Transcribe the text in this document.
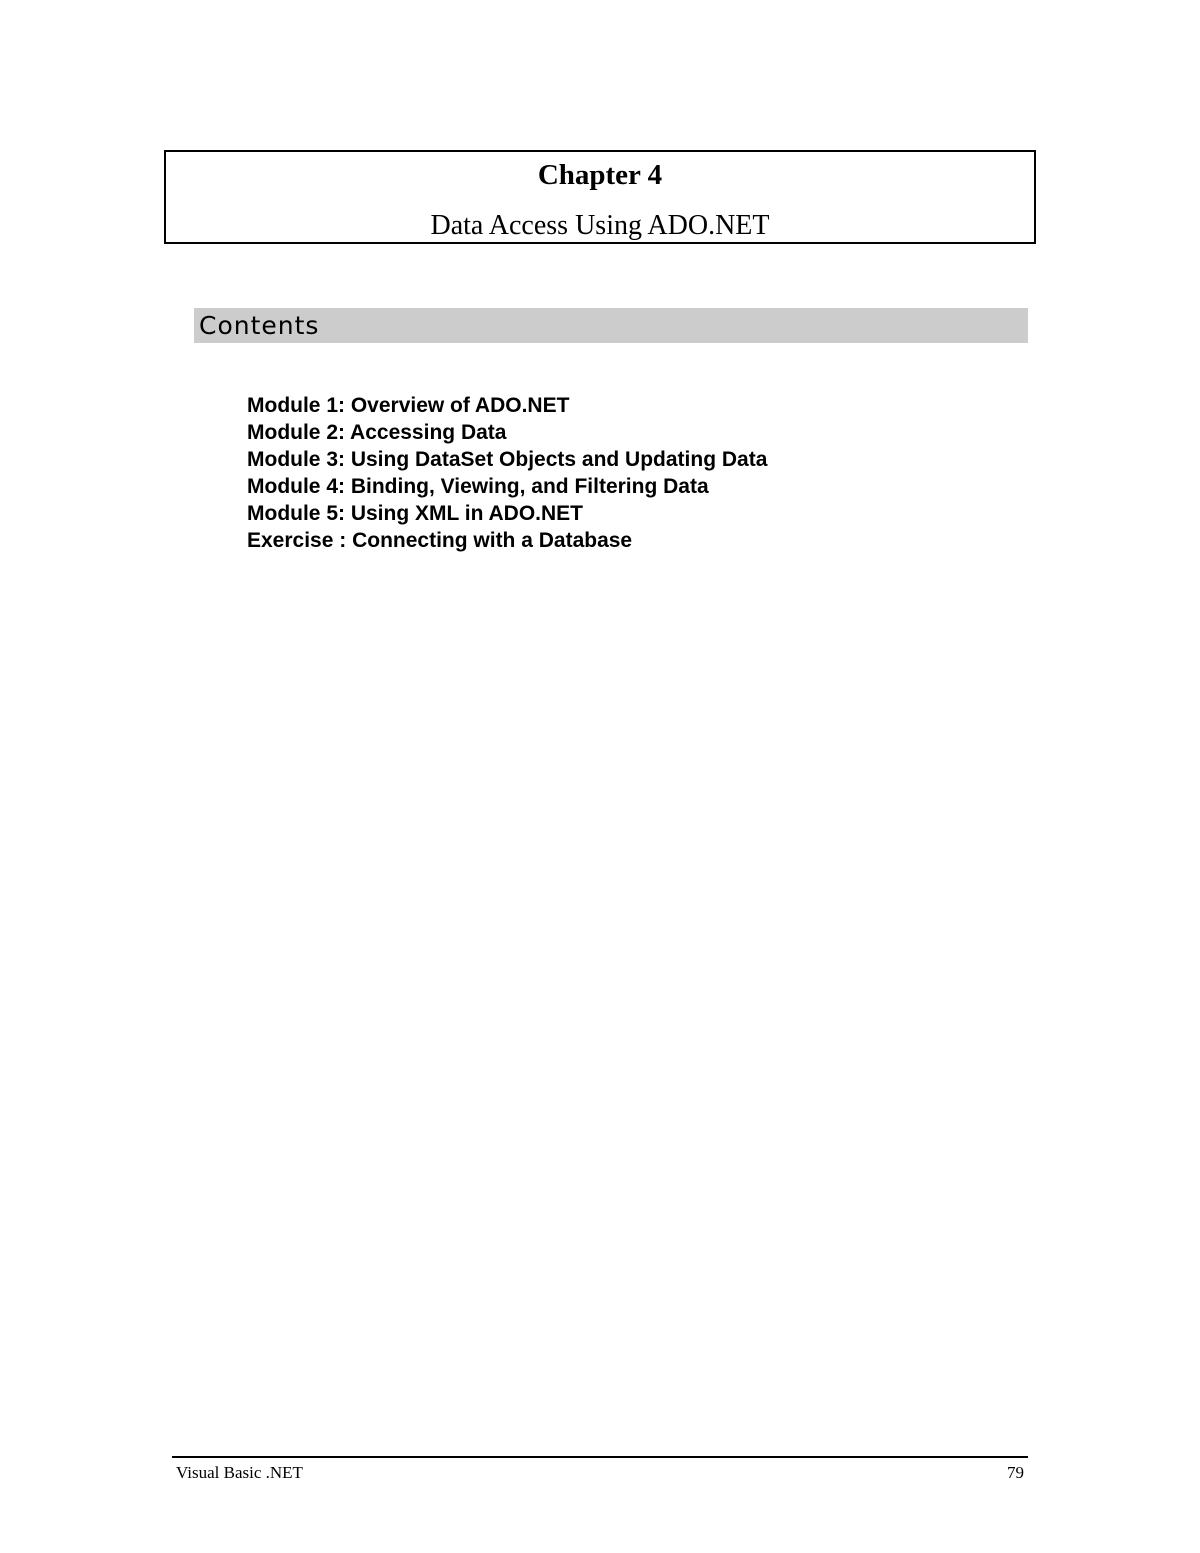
Chapter 4
Data Access Using ADO.NET
Contents
Module 1: Overview of ADO.NET
Module 2: Accessing Data
Module 3: Using DataSet Objects and Updating Data
Module 4: Binding, Viewing, and Filtering Data
Module 5: Using XML in ADO.NET
Exercise : Connecting with a Database
Visual Basic .NET	79
